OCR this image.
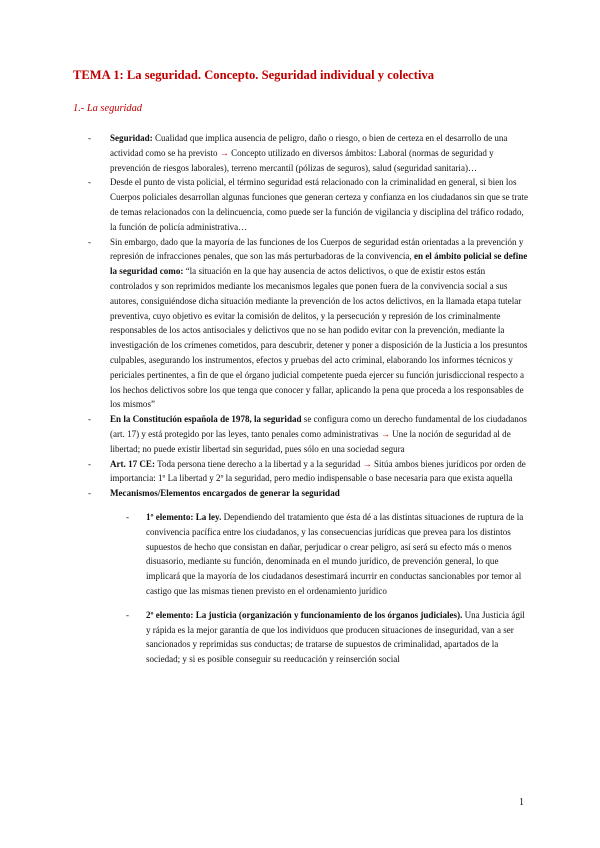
TEMA 1: La seguridad. Concepto. Seguridad individual y colectiva
1.- La seguridad

- Seguridad: Cualidad que implica ausencia de peligro, daño o riesgo, o bien de certeza en el desarrollo de una actividad como se ha previsto → Concepto utilizado en diversos ámbitos: Laboral (normas de seguridad y prevención de riesgos laborales), terreno mercantil (pólizas de seguros), salud (seguridad sanitaria)…

- Desde el punto de vista policial, el término seguridad está relacionado con la criminalidad en general, si bien los Cuerpos policiales desarrollan algunas funciones que generan certeza y confianza en los ciudadanos sin que se trate de temas relacionados con la delincuencia, como puede ser la función de vigilancia y disciplina del tráfico rodado, la función de policía administrativa…

- Sin embargo, dado que la mayoría de las funciones de los Cuerpos de seguridad están orientadas a la prevención y represión de infracciones penales, que son las más perturbadoras de la convivencia, en el ámbito policial se define la seguridad como: “la situación en la que hay ausencia de actos delictivos, o que de existir estos están controlados y son reprimidos mediante los mecanismos legales que ponen fuera de la convivencia social a sus autores, consiguiéndose dicha situación mediante la prevención de los actos delictivos, en la llamada etapa tutelar preventiva, cuyo objetivo es evitar la comisión de delitos, y la persecución y represión de los criminalmente responsables de los actos antisociales y delictivos que no se han podido evitar con la prevención, mediante la investigación de los crímenes cometidos, para descubrir, detener y poner a disposición de la Justicia a los presuntos culpables, asegurando los instrumentos, efectos y pruebas del acto criminal, elaborando los informes técnicos y periciales pertinentes, a fin de que el órgano judicial competente pueda ejercer su función jurisdiccional respecto a los hechos delictivos sobre los que tenga que conocer y fallar, aplicando la pena que proceda a los responsables de los mismos”

- En la Constitución española de 1978, la seguridad se configura como un derecho fundamental de los ciudadanos (art. 17) y está protegido por las leyes, tanto penales como administrativas → Une la noción de seguridad al de libertad; no puede existir libertad sin seguridad, pues sólo en una sociedad segura

- Art. 17 CE: Toda persona tiene derecho a la libertad y a la seguridad → Sitúa ambos bienes jurídicos por orden de importancia: 1º La libertad y 2º la seguridad, pero medio indispensable o base necesaria para que exista aquella

- Mecanismos/Elementos encargados de generar la seguridad

- 1º elemento: La ley. Dependiendo del tratamiento que ésta dé a las distintas situaciones de ruptura de la convivencia pacífica entre los ciudadanos, y las consecuencias jurídicas que prevea para los distintos supuestos de hecho que consistan en dañar, perjudicar o crear peligro, así será su efecto más o menos disuasorio, mediante su función, denominada en el mundo jurídico, de prevención general, lo que implicará que la mayoría de los ciudadanos desestimará incurrir en conductas sancionables por temor al castigo que las mismas tienen previsto en el ordenamiento jurídico

- 2º elemento: La justicia (organización y funcionamiento de los órganos judiciales). Una Justicia ágil y rápida es la mejor garantía de que los individuos que producen situaciones de inseguridad, van a ser sancionados y reprimidas sus conductas; de tratarse de supuestos de criminalidad, apartados de la sociedad; y si es posible conseguir su reeducación y reinserción social

1
